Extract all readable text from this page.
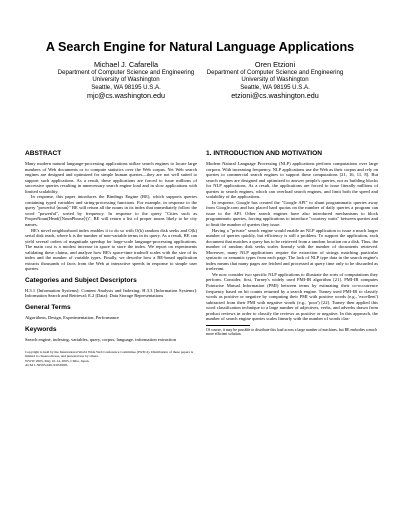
A Search Engine for Natural Language Applications
Michael J. Cafarella
Department of Computer Science and Engineering
University of Washington
Seattle, WA 98195 U.S.A.
mjc@cs.washington.edu
Oren Etzioni
Department of Computer Science and Engineering
University of Washington
Seattle, WA 98195 U.S.A.
etzioni@cs.washington.edu
ABSTRACT

Many modern natural language-processing applications utilize search engines to locate large numbers of Web documents or to compute statistics over the Web corpus. Yet Web search engines are designed and optimized for simple human queries—they are not well suited to support such applications. As a result, these applications are forced to issue millions of successive queries resulting in unnecessary search engine load and in slow applications with limited scalability.

In response, this paper introduces the Bindings Engine (BE), which supports queries containing typed variables and string-processing functions. For example, in response to the query "powerful ⟨noun⟩" BE will return all the nouns in its index that immediately follow the word "powerful", sorted by frequency. In response to the query "Cities such as ProperNoun(Head(⟨NounPhrase⟩))", BE will return a list of proper nouns likely to be city names.

BE's novel neighborhood index enables it to do so with O(k) random disk seeks and O(k) serial disk reads, where k is the number of non-variable terms in its query. As a result, BE can yield several orders of magnitude speedup for large-scale language-processing applications. The main cost is a modest increase in space to store the index. We report on experiments validating these claims, and analyze how BE's space-time tradeoff scales with the size of its index and the number of variable types. Finally, we describe how a BE-based application extracts thousands of facts from the Web at interactive speeds in response to simple user queries.

Categories and Subject Descriptors

H.3.1 [Information Systems]: Content Analysis and Indexing; H.3.3 [Information Systems]: Information Search and Retrieval; E.2 [Data]: Data Storage Representations

General Terms

Algorithms, Design, Experimentation, Performance

Keywords

Search engine, indexing, variables, query, corpus, language, information extraction

Copyright is held by the International World Wide Web Conference Committee (IW3C2). Distribution of these papers is limited to classroom use, and personal use by others.
WWW 2005, May 10-14, 2005, Chiba, Japan.
ACM 1-59593-046-9/05/0005.
1. INTRODUCTION AND MOTIVATION

Modern Natural Language Processing (NLP) applications perform computations over large corpora. With increasing frequency, NLP applications use the Web as their corpus and rely on queries to commercial search engines to support these computations [21, 16, 11, 8]. But search engines are designed and optimized to answer people's queries, not as building blocks for NLP applications. As a result, the applications are forced to issue literally millions of queries to search engines, which can overload search engines, and limit both the speed and scalability of the applications.

In response, Google has created the "Google API" to shunt programmatic queries away from Google.com and has placed hard quotas on the number of daily queries a program can issue to the API. Other search engines have also introduced mechanisms to block programmatic queries, forcing applications to introduce "courtesy waits" between queries and to limit the number of queries they issue.

Having a "private" search engine would enable an NLP application to issue a much larger number of queries quickly, but efficiency is still a problem. To support the application, each document that matches a query has to be retrieved from a random location on a disk. Thus, the number of random disk seeks scales linearly with the number of documents retrieved. Moreover, many NLP applications require the extraction of strings matching particular syntactic or semantic types from each page. The lack of NLP type data in the search engine's index means that many pages are fetched and processed at query time only to be discarded as irrelevant.

We now consider two specific NLP applications to illustrate the sorts of computations they perform. Consider, first, Turney's widely used PMI-IR algorithm [21]. PMI-IR computes Pointwise Mutual Information (PMI) between terms by estimating their co-occurrence frequency based on hit counts returned by a search engine. Turney used PMI-IR to classify words as positive or negative by computing their PMI with positive words (e.g., 'excellent') subtracted from their PMI with negative words (e.g., 'poor') [22]. Turney then applied this word classification technique to a large number of adjectives, verbs, and adverbs drawn from product reviews in order to classify the reviews as positive or negative. In this approach, the number of search engine queries scales linearly with the number of words clas-

Of course, it may be possible to distribute this load across a large number of machines, but BE embodies a much more efficient solution.
